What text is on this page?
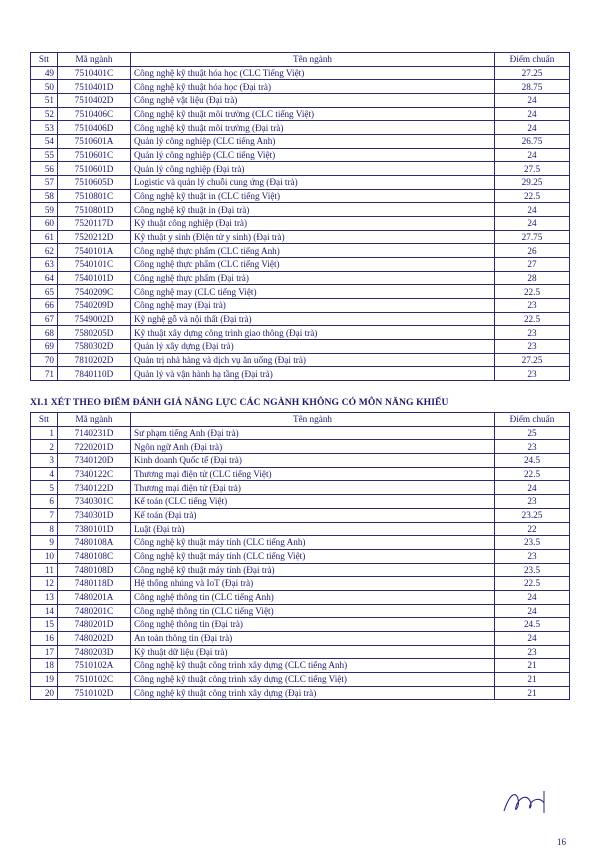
Stt	Mã ngành	Tên ngành	Điểm chuẩn
49	7510401C	Công nghệ kỹ thuật hóa học (CLC Tiếng Việt)	27.25
50	7510401D	Công nghệ kỹ thuật hóa học (Đại trà)	28.75
51	7510402D	Công nghệ vật liệu (Đại trà)	24
52	7510406C	Công nghệ kỹ thuật môi trường (CLC tiếng Việt)	24
53	7510406D	Công nghệ kỹ thuật môi trường (Đại trà)	24
54	7510601A	Quản lý công nghiệp (CLC tiếng Anh)	26.75
55	7510601C	Quản lý công nghiệp (CLC tiếng Việt)	24
56	7510601D	Quản lý công nghiệp (Đại trà)	27.5
57	7510605D	Logistic và quản lý chuỗi cung ứng (Đại trà)	29.25
58	7510801C	Công nghệ kỹ thuật in (CLC tiếng Việt)	22.5
59	7510801D	Công nghệ kỹ thuật in (Đại trà)	24
60	7520117D	Kỹ thuật công nghiệp (Đại trà)	24
61	7520212D	Kỹ thuật y sinh (Điện tử y sinh) (Đại trà)	27.75
62	7540101A	Công nghệ thực phẩm (CLC tiếng Anh)	26
63	7540101C	Công nghệ thực phẩm (CLC tiếng Việt)	27
64	7540101D	Công nghệ thực phẩm (Đại trà)	28
65	7540209C	Công nghệ may (CLC tiếng Việt)	22.5
66	7540209D	Công nghệ may (Đại trà)	23
67	7549002D	Kỹ nghệ gỗ và nội thất (Đại trà)	22.5
68	7580205D	Kỹ thuật xây dựng công trình giao thông (Đại trà)	23
69	7580302D	Quản lý xây dựng (Đại trà)	23
70	7810202D	Quản trị nhà hàng và dịch vụ ăn uống (Đại trà)	27.25
71	7840110D	Quản lý và vận hành hạ tầng (Đại trà)	23
XI.1 XÉT THEO ĐIỂM ĐÁNH GIÁ NĂNG LỰC CÁC NGÀNH KHÔNG CÓ MÔN NĂNG KHIẾU
Stt	Mã ngành	Tên ngành	Điểm chuẩn
1	7140231D	Sư phạm tiếng Anh (Đại trà)	25
2	7220201D	Ngôn ngữ Anh (Đại trà)	23
3	7340120D	Kinh doanh Quốc tế (Đại trà)	24.5
4	7340122C	Thương mại điện tử (CLC tiếng Việt)	22.5
5	7340122D	Thương mại điện tử (Đại trà)	24
6	7340301C	Kế toán (CLC tiếng Việt)	23
7	7340301D	Kế toán (Đại trà)	23.25
8	7380101D	Luật (Đại trà)	22
9	7480108A	Công nghệ kỹ thuật máy tính (CLC tiếng Anh)	23.5
10	7480108C	Công nghệ kỹ thuật máy tính (CLC tiếng Việt)	23
11	7480108D	Công nghệ kỹ thuật máy tính (Đại trà)	23.5
12	7480118D	Hệ thống nhúng và IoT (Đại trà)	22.5
13	7480201A	Công nghệ thông tin (CLC tiếng Anh)	24
14	7480201C	Công nghệ thông tin (CLC tiếng Việt)	24
15	7480201D	Công nghệ thông tin (Đại trà)	24.5
16	7480202D	An toàn thông tin (Đại trà)	24
17	7480203D	Kỹ thuật dữ liệu (Đại trà)	23
18	7510102A	Công nghệ kỹ thuật công trình xây dựng (CLC tiếng Anh)	21
19	7510102C	Công nghệ kỹ thuật công trình xây dựng (CLC tiếng Việt)	21
20	7510102D	Công nghệ kỹ thuật công trình xây dựng (Đại trà)	21
16
